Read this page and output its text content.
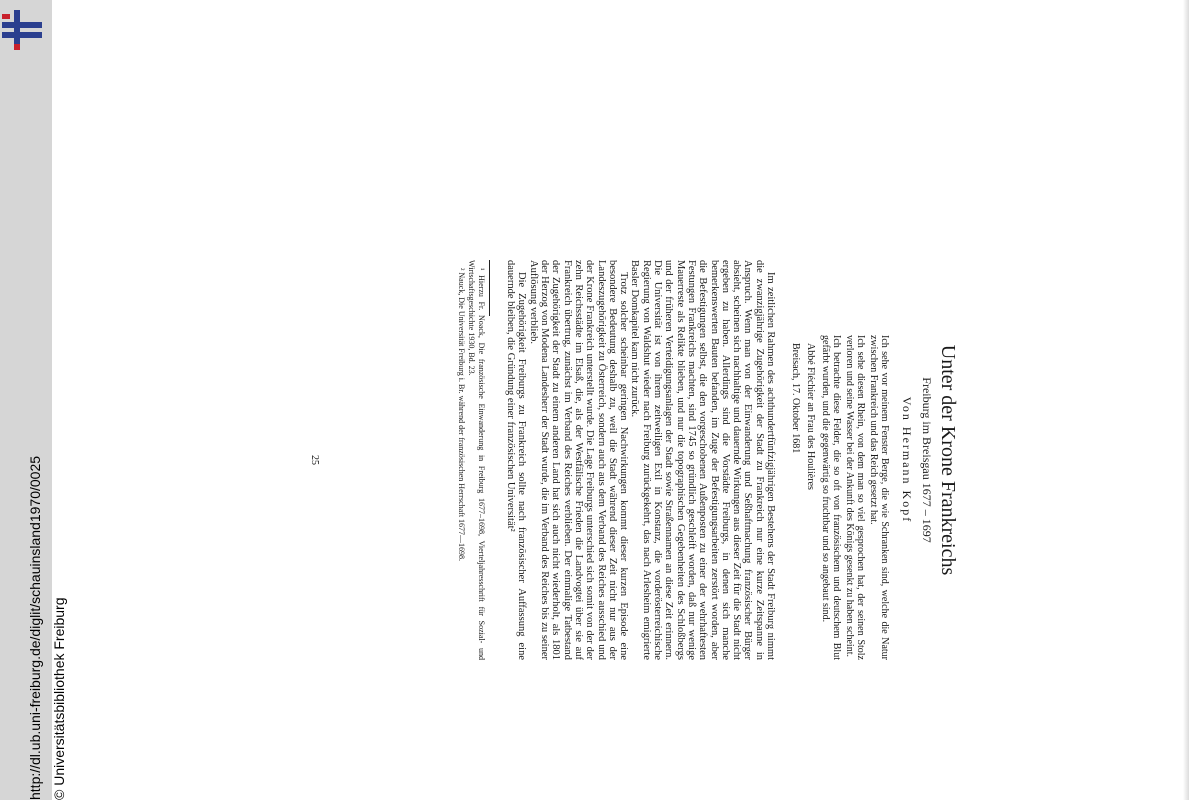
http://dl.ub.uni-freiburg.de/diglit/schauinsland1970/0025 © Universitätsbibliothek Freiburg
Unter der Krone Frankreichs
Freiburg im Breisgau 1677 – 1697
Von Hermann Kopf

Ich sehe vor meinem Fenster Berge, die wie Schranken sind, welche die Natur zwischen Frankreich und das Reich gesetzt hat.

Ich sehe diesen Rhein, von dem man so viel gesprochen hat, der seinen Stolz verloren und seine Wasser bei der Ankunft des Königs gesenkt zu haben scheint.

Ich betrachte diese Felder, die so oft von französischem und deutschem Blut gefärbt wurden, und die gegenwärtig so fruchtbar und so angebaut sind.

Abbé Fléchier an Frau des Houlières

Breisach, 17. Oktober 1681

Im zeitlichen Rahmen des achthundertfünfzigjährigen Bestehens der Stadt Freiburg nimmt die zwanzigjährige Zugehörigkeit der Stadt zu Frankreich nur eine kurze Zeitspanne in Anspruch. Wenn man von der Einwanderung und Seßhaftmachung französischer Bürger absieht, scheinen sich nachhaltige und dauernde Wirkungen aus dieser Zeit für die Stadt nicht ergeben zu haben. Allerdings sind die Vorstädte Freiburgs, in denen sich manche bemerkenswerten Bauten befanden, im Zuge der Befestigungsarbeiten zerstört worden, aber die Befestigungen selbst, die den vorgeschobenen Außenposten zu einer der wehrhaftesten Festungen Frankreichs machten, sind 1745 so gründlich geschleift worden, daß nur wenige Mauerreste als Relikte blieben, und nur die topographischen Gegebenheiten des Schloßbergs und der früheren Verteidigungsanlagen der Stadt sowie Straßennamen an diese Zeit erinnern. Die Universität ist von ihrem zeitweiligen Exil in Konstanz, die vorderösterreichische Regierung von Waldshut wieder nach Freiburg zurückgekehrt, das nach Arlesheim emigrierte Basler Domkapitel kam nicht zurück.

Trotz solcher scheinbar geringen Nachwirkungen kommt dieser kurzen Episode eine besondere Bedeutung deshalb zu, weil die Stadt während dieser Zeit nicht nur aus der Landeszugehörigkeit zu Österreich, sondern auch aus dem Verband des Reiches ausschied und der Krone Frankreich unterstellt wurde. Die Lage Freiburgs unterschied sich somit von der der zehn Reichsstädte im Elsaß, die, als der Westfälische Frieden die Landvogtei über sie auf Frankreich übertrug, zunächst im Verband des Reiches verblieben. Der einmalige Tatbestand der Zugehörigkeit der Stadt zu einem anderen Land hat sich auch nicht wiederholt, als 1801 der Herzog von Modena Landesherr der Stadt wurde, die im Verband des Reiches bis zu seiner Auflösung verblieb.

Die Zugehörigkeit Freiburgs zu Frankreich sollte nach französischer Auffassung eine dauernde bleiben, die Gründung einer französischen Universität²

¹ Hierzu Fr. Noack, Die französische Einwanderung in Freiburg 1677–1698, Vierteljahresschrift für Sozial- und Wirtschaftsgeschichte 1930, Bd. 23.

² Nauck, Die Universität Freiburg i. Br. während der französischen Herrschaft 1677—1698.

25
